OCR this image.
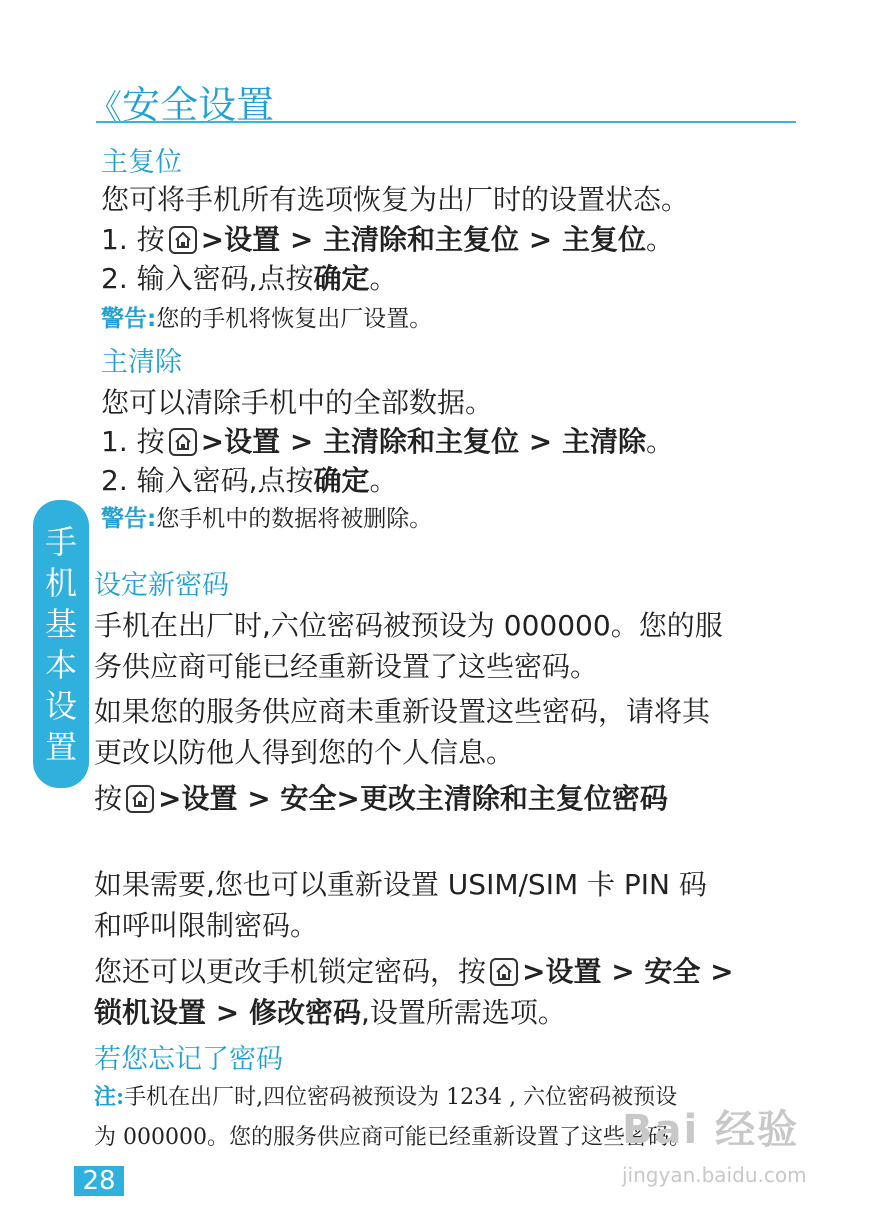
《 安全设置
主复位
您可将手机所有选项恢复为出厂时的设置状态。
1. 按 >设置 > 主清除和主复位 > 主复位。
2. 输入密码,点按确定。
警告:您的手机将恢复出厂设置。
主清除
您可以清除手机中的全部数据。
1. 按 >设置 > 主清除和主复位 > 主清除。
2. 输入密码,点按确定。
警告:您手机中的数据将被删除。
手
机
基
本
设
置
设定新密码
手机在出厂时,六位密码被预设为 000000。您的服
务供应商可能已经重新设置了这些密码。
如果您的服务供应商未重新设置这些密码，请将其
更改以防他人得到您的个人信息。
按 >设置 > 安全>更改主清除和主复位密码
如果需要,您也可以重新设置 USIM/SIM 卡 PIN 码
和呼叫限制密码。
您还可以更改手机锁定密码，按 >设置 > 安全 >
锁机设置 > 修改密码,设置所需选项。
若您忘记了密码
注:手机在出厂时,四位密码被预设为 1234 , 六位密码被预设
为 000000。您的服务供应商可能已经重新设置了这些密码。
28
Bai 经验
jingyan.baidu.com
